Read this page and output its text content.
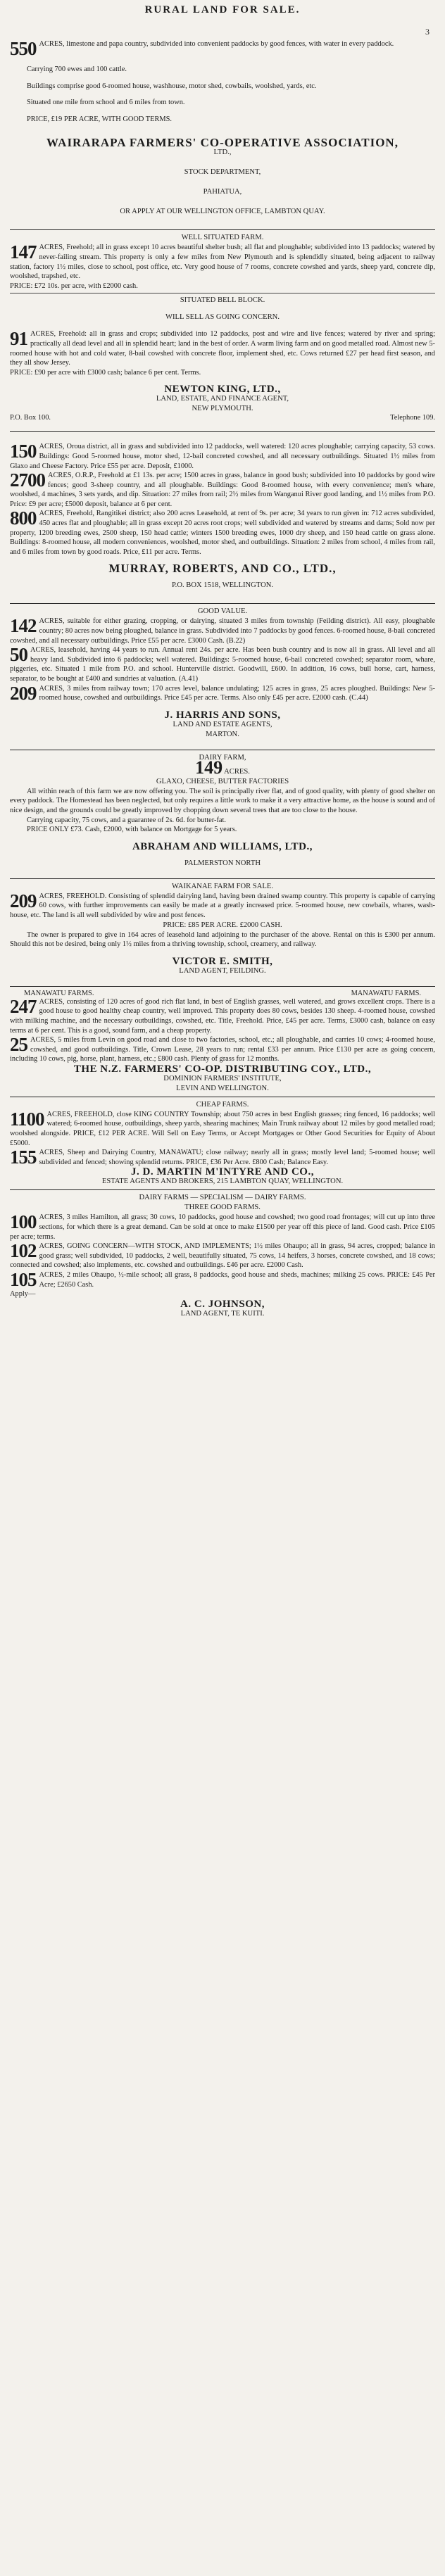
RURAL LAND FOR SALE.
3
550 ACRES, limestone and papa country, subdivided into convenient paddocks by good fences, with water in every paddock.

Carrying 700 ewes and 100 cattle.

Buildings comprise good 6-roomed house, washhouse, motor shed, cowbails, woolshed, yards, etc.

Situated one mile from school and 6 miles from town.

PRICE, £19 PER ACRE, WITH GOOD TERMS.

WAIRARAPA FARMERS' CO-OPERATIVE ASSOCIATION,

LTD.,

STOCK DEPARTMENT,

PAHIATUA,

OR APPLY AT OUR WELLINGTON OFFICE, LAMBTON QUAY.

WELL SITUATED FARM.

147 ACRES, Freehold; all in grass except 10 acres beautiful shelter bush; all flat and ploughable; subdivided into 13 paddocks; watered by never-failing stream. This property is only a few miles from New Plymouth and is splendidly situated, being adjacent to railway station, factory 1½ miles, close to school, post office, etc. Very good house of 7 rooms, concrete cowshed and yards, sheep yard, concrete dip, woolshed, trapshed, etc.

PRICE: £72 10s. per acre, with £2000 cash.

SITUATED BELL BLOCK.

WILL SELL AS GOING CONCERN.

91 ACRES, Freehold: all in grass and crops; subdivided into 12 paddocks, post and wire and live fences; watered by river and spring; practically all dead level and all in splendid heart; land in the best of order. A warm living farm and on good metalled road. Almost new 5-roomed house with hot and cold water, 8-bail cowshed with concrete floor, implement shed, etc. Cows returned £27 per head first season, and they all show Jersey.

PRICE: £90 per acre with £3000 cash; balance 6 per cent. Terms.

NEWTON KING, LTD.,

LAND, ESTATE, AND FINANCE AGENT,

NEW PLYMOUTH.

P.O. Box 100.	Telephone 109.
150 ACRES, Oroua district, all in grass and subdivided into 12 paddocks, well watered: 120 acres ploughable; carrying capacity, 53 cows. Buildings: Good 5-roomed house, motor shed, 12-bail concreted cowshed, and all necessary outbuildings. Situated 1½ miles from Glaxo and Cheese Factory. Price £55 per acre. Deposit, £1000.

2700 ACRES, O.R.P., Freehold at £1 13s. per acre; 1500 acres in grass, balance in good bush; subdivided into 10 paddocks by good wire fences; good 3-sheep country, and all ploughable. Buildings: Good 8-roomed house, with every convenience; men's whare, woolshed, 4 machines, 3 sets yards, and dip. Situation: 27 miles from rail; 2½ miles from Wanganui River good landing, and 1½ miles from P.O. Price: £9 per acre; £5000 deposit, balance at 6 per cent.

800 ACRES, Freehold, Rangitikei district; also 200 acres Leasehold, at rent of 9s. per acre; 34 years to run given in: 712 acres subdivided, 450 acres flat and ploughable; all in grass except 20 acres root crops; well subdivided and watered by streams and dams; Sold now per property, 1200 breeding ewes, 2500 sheep, 150 head cattle; winters 1500 breeding ewes, 1000 dry sheep, and 150 head cattle on grass alone. Buildings: 8-roomed house, all modern conveniences, woolshed, motor shed, and outbuildings. Situation: 2 miles from school, 4 miles from rail, and 6 miles from town by good roads. Price, £11 per acre. Terms.

MURRAY, ROBERTS, AND CO., LTD.,

P.O. BOX 1518, WELLINGTON.

GOOD VALUE.

142 ACRES, suitable for either grazing, cropping, or dairying, situated 3 miles from township (Feilding district). All easy, ploughable country; 80 acres now being ploughed, balance in grass. Subdivided into 7 paddocks by good fences. 6-roomed house, 8-bail concreted cowshed, and all necessary outbuildings. Price £55 per acre. £3000 Cash. (B.22)

50 ACRES, leasehold, having 44 years to run. Annual rent 24s. per acre. Has been bush country and is now all in grass. All level and all heavy land. Subdivided into 6 paddocks; well watered. Buildings: 5-roomed house, 6-bail concreted cowshed; separator room, whare, piggeries, etc. Situated 1 mile from P.O. and school. Hunterville district. Goodwill, £600. In addition, 16 cows, bull horse, cart, harness, separator, to be bought at £400 and sundries at valuation. (A.41)

209 ACRES, 3 miles from railway town; 170 acres level, balance undulating; 125 acres in grass, 25 acres ploughed. Buildings: New 5-roomed house, cowshed and outbuildings. Price £45 per acre. Terms. Also only £45 per acre. £2000 cash. (C.44)

J. HARRIS AND SONS,

LAND AND ESTATE AGENTS,

MARTON.

DAIRY FARM,

149 ACRES.

GLAXO, CHEESE, BUTTER FACTORIES

All within reach of this farm we are now offering you. The soil is principally river flat, and of good quality, with plenty of good shelter on every paddock. The Homestead has been neglected, but only requires a little work to make it a very attractive home, as the house is sound and of nice design, and the grounds could be greatly improved by chopping down several trees that are too close to the house.

Carrying capacity, 75 cows, and a guarantee of 2s. 6d. for butter-fat.

PRICE ONLY £73. Cash, £2000, with balance on Mortgage for 5 years.

ABRAHAM AND WILLIAMS, LTD.,

PALMERSTON NORTH

WAIKANAE FARM FOR SALE.

209 ACRES, FREEHOLD. Consisting of splendid dairying land, having been drained swamp country. This property is capable of carrying 60 cows, with further improvements can easily be made at a greatly increased price. 5-roomed house, new cowbails, whares, wash-house, etc. The land is all well subdivided by wire and post fences.

PRICE: £85 PER ACRE. £2000 CASH.

The owner is prepared to give in 164 acres of leasehold land adjoining to the purchaser of the above. Rental on this is £300 per annum. Should this not be desired, being only 1½ miles from a thriving township, school, creamery, and railway.

VICTOR E. SMITH,

LAND AGENT, FEILDING.

MANAWATU FARMS.	MANAWATU FARMS.
247 ACRES, consisting of 120 acres of good rich flat land, in best of English grasses, well watered, and grows excellent crops. There is a good house to good healthy cheap country, well improved. This property does 80 cows, besides 130 sheep. 4-roomed house, cowshed with milking machine, and the necessary outbuildings, cowshed, etc. Title, Freehold. Price, £45 per acre. Terms, £3000 cash, balance on easy terms at 6 per cent. This is a good, sound farm, and a cheap property.

25 ACRES, 5 miles from Levin on good road and close to two factories, school, etc.; all ploughable, and carries 10 cows; 4-roomed house, cowshed, and good outbuildings. Title, Crown Lease, 28 years to run; rental £33 per annum. Price £130 per acre as going concern, including 10 cows, pig, horse, plant, harness, etc.; £800 cash. Plenty of grass for 12 months.

THE N.Z. FARMERS' CO-OP. DISTRIBUTING COY., LTD.,

DOMINION FARMERS' INSTITUTE,

LEVIN AND WELLINGTON.

CHEAP FARMS.

1100 ACRES, FREEHOLD, close KING COUNTRY Township; about 750 acres in best English grasses; ring fenced, 16 paddocks; well watered; 6-roomed house, outbuildings, sheep yards, shearing machines; Main Trunk railway about 12 miles by good metalled road; woolshed alongside. PRICE, £12 PER ACRE. Will Sell on Easy Terms, or Accept Mortgages or Other Good Securities for Equity of About £5000.

155 ACRES, Sheep and Dairying Country, MANAWATU; close railway; nearly all in grass; mostly level land; 5-roomed house; well subdivided and fenced; showing splendid returns. PRICE, £36 Per Acre. £800 Cash; Balance Easy.

J. D. MARTIN M'INTYRE AND CO.,

ESTATE AGENTS AND BROKERS, 215 LAMBTON QUAY, WELLINGTON.

DAIRY FARMS — SPECIALISM — DAIRY FARMS.

THREE GOOD FARMS.

100 ACRES, 3 miles Hamilton, all grass; 30 cows, 10 paddocks, good house and cowshed; two good road frontages; will cut up into three sections, for which there is a great demand. Can be sold at once to make £1500 per year off this piece of land. Good cash. Price £105 per acre; terms.

102 ACRES, GOING CONCERN—WITH STOCK, AND IMPLEMENTS; 1½ miles Ohaupo; all in grass, 94 acres, cropped; balance in good grass; well subdivided, 10 paddocks, 2 well, beautifully situated, 75 cows, 14 heifers, 3 horses, concrete cowshed, and 18 cows; connected and cowshed; also implements, etc. cowshed and outbuildings. £46 per acre. £2000 Cash.

105 ACRES, 2 miles Ohaupo, ½-mile school; all grass, 8 paddocks, good house and sheds, machines; milking 25 cows. PRICE: £45 Per Acre; £2650 Cash.

Apply—

A. C. JOHNSON,

LAND AGENT, TE KUITI.
